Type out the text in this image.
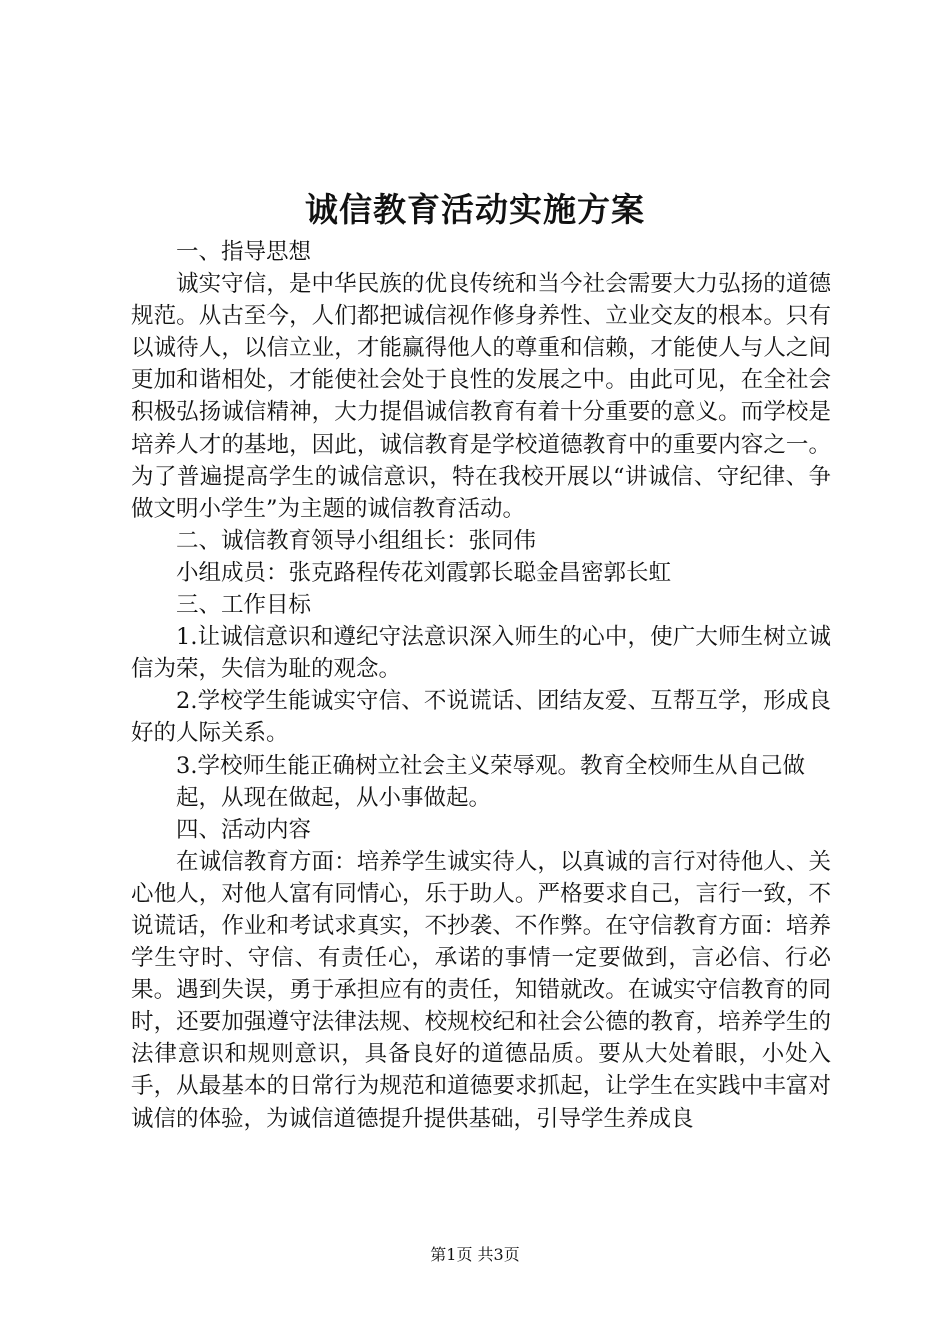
诚信教育活动实施方案

一、指导思想

诚实守信，是中华民族的优良传统和当今社会需要大力弘扬的道德规范。从古至今，人们都把诚信视作修身养性、立业交友的根本。只有以诚待人，以信立业，才能赢得他人的尊重和信赖，才能使人与人之间更加和谐相处，才能使社会处于良性的发展之中。由此可见，在全社会积极弘扬诚信精神，大力提倡诚信教育有着十分重要的意义。而学校是培养人才的基地，因此，诚信教育是学校道德教育中的重要内容之一。为了普遍提高学生的诚信意识，特在我校开展以“讲诚信、守纪律、争做文明小学生”为主题的诚信教育活动。

二、诚信教育领导小组组长：张同伟

小组成员：张克路程传花刘霞郭长聪金昌密郭长虹

三、工作目标

1.让诚信意识和遵纪守法意识深入师生的心中，使广大师生树立诚信为荣，失信为耻的观念。

2.学校学生能诚实守信、不说谎话、团结友爱、互帮互学，形成良好的人际关系。

3.学校师生能正确树立社会主义荣辱观。教育全校师生从自己做

起，从现在做起，从小事做起。

四、活动内容

在诚信教育方面：培养学生诚实待人，以真诚的言行对待他人、关心他人，对他人富有同情心，乐于助人。严格要求自己，言行一致，不说谎话，作业和考试求真实，不抄袭、不作弊。在守信教育方面：培养学生守时、守信、有责任心，承诺的事情一定要做到，言必信、行必果。遇到失误，勇于承担应有的责任，知错就改。在诚实守信教育的同时，还要加强遵守法律法规、校规校纪和社会公德的教育，培养学生的法律意识和规则意识，具备良好的道德品质。要从大处着眼，小处入手，从最基本的日常行为规范和道德要求抓起，让学生在实践中丰富对诚信的体验，为诚信道德提升提供基础，引导学生养成良

第1页 共3页
